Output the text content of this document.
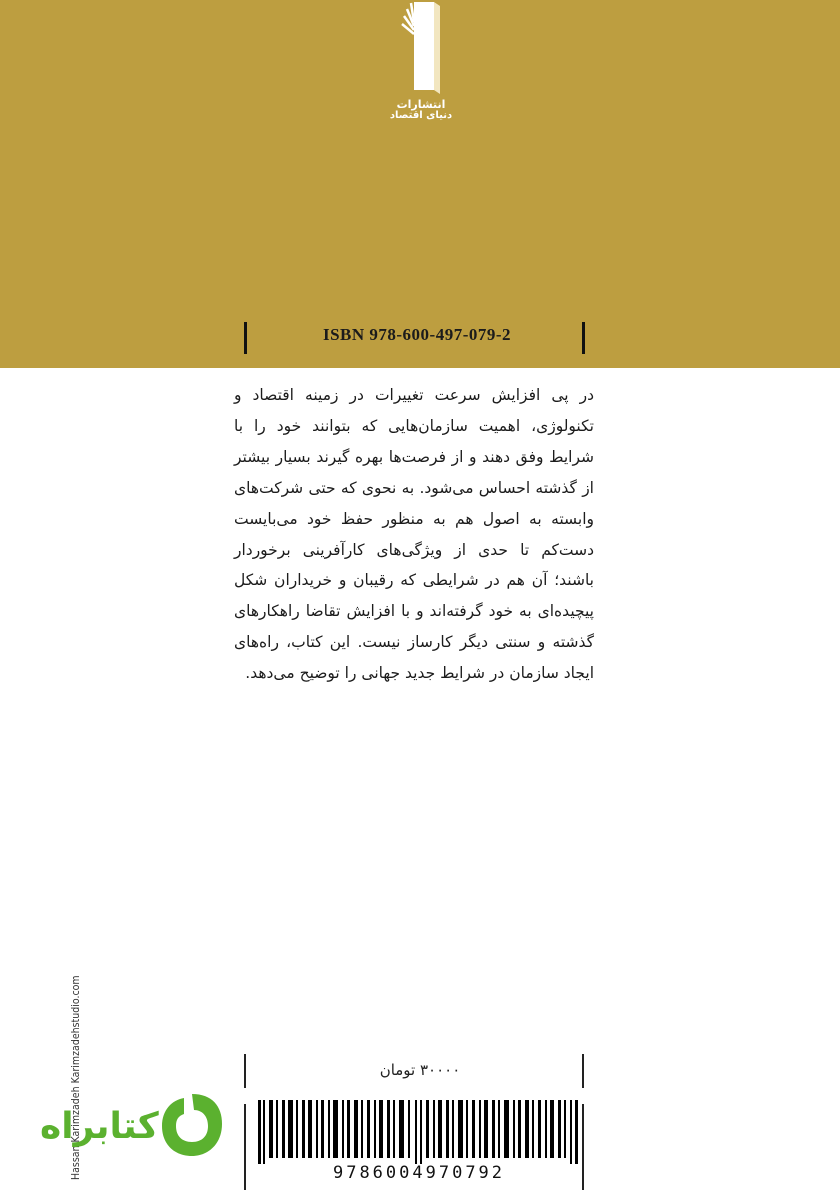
انتشارات
دنیای اقتصاد
ISBN 978-600-497-079-2

در پی افزایش سرعت تغییرات در زمینه اقتصاد و تکنولوژی، اهمیت سازمان‌هایی که بتوانند خود را با شرایط وفق دهند و از فرصت‌ها بهره گیرند بسیار بیشتر از گذشته احساس می‌شود. به نحوی که حتی شرکت‌های وابسته به اصول هم به منظور حفظ خود می‌بایست دست‌کم تا حدی از ویژگی‌های کارآفرینی برخوردار باشند؛ آن هم در شرایطی که رقیبان و خریداران شکل پیچیده‌ای به خود گرفته‌اند و با افزایش تقاضا راهکارهای گذشته و سنتی دیگر کارساز نیست. این کتاب، راه‌های ایجاد سازمان در شرایط جدید جهانی را توضیح می‌دهد.

Hassan Karimzadeh Karimzadehstudio.com	۳۰۰۰۰ تومان
9786004970792
کتابراه
